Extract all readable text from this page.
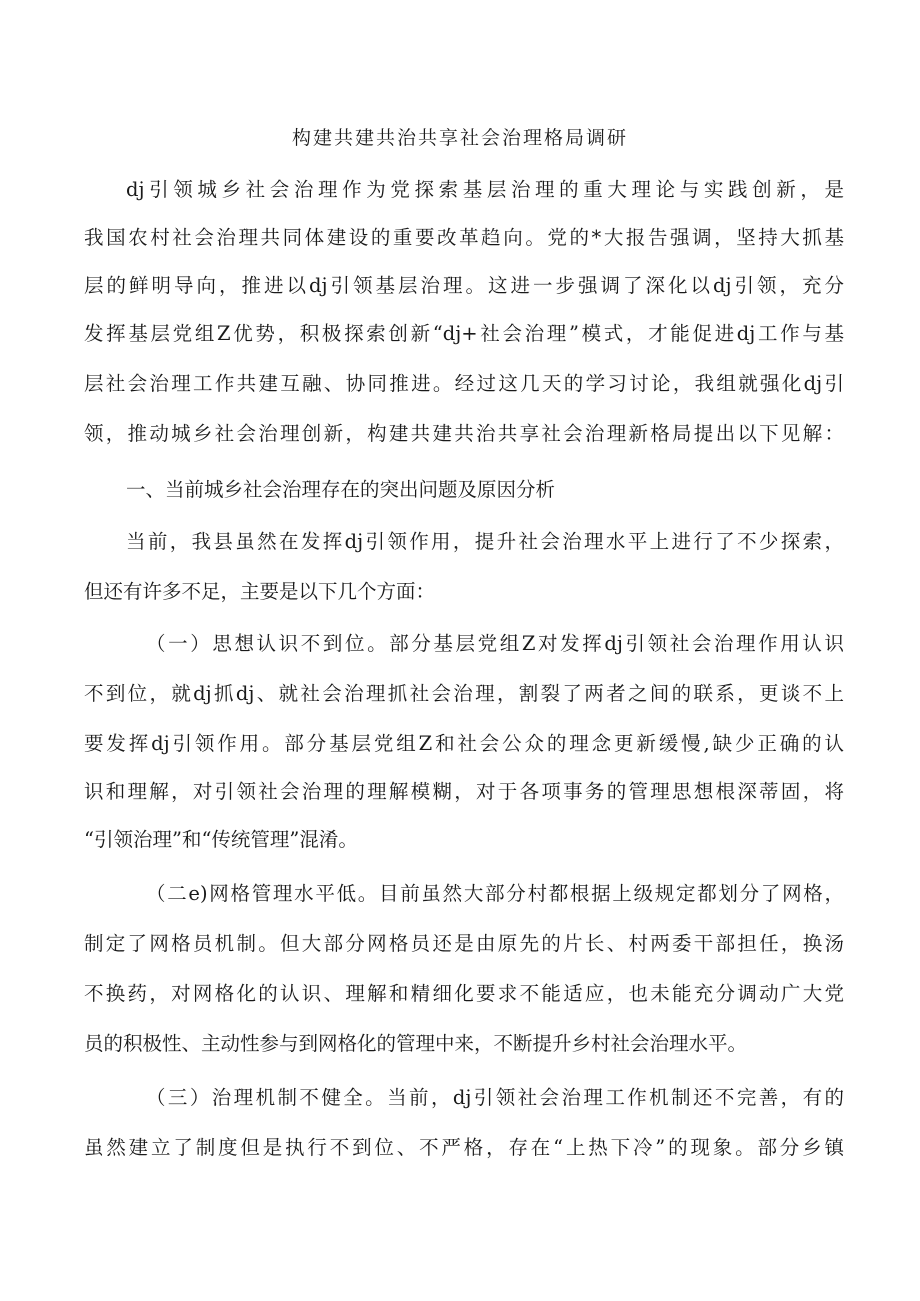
构建共建共治共享社会治理格局调研
dj引领城乡社会治理作为党探索基层治理的重大理论与实践创新，是
我国农村社会治理共同体建设的重要改革趋向。党的*大报告强调，坚持大抓基
层的鲜明导向，推进以dj引领基层治理。这进一步强调了深化以dj引领，充分
发挥基层党组Z优势，积极探索创新“dj+社会治理”模式，才能促进dj工作与基
层社会治理工作共建互融、协同推进。经过这几天的学习讨论，我组就强化dj引
领，推动城乡社会治理创新，构建共建共治共享社会治理新格局提出以下见解：
一、当前城乡社会治理存在的突出问题及原因分析
当前，我县虽然在发挥dj引领作用，提升社会治理水平上进行了不少探索，
但还有许多不足，主要是以下几个方面：
（一）思想认识不到位。部分基层党组Z对发挥dj引领社会治理作用认识
不到位，就dj抓dj、就社会治理抓社会治理，割裂了两者之间的联系，更谈不上
要发挥dj引领作用。部分基层党组Z和社会公众的理念更新缓慢,缺少正确的认
识和理解，对引领社会治理的理解模糊，对于各项事务的管理思想根深蒂固，将
“引领治理”和“传统管理”混淆。
（二e)网格管理水平低。目前虽然大部分村都根据上级规定都划分了网格，
制定了网格员机制。但大部分网格员还是由原先的片长、村两委干部担任，换汤
不换药，对网格化的认识、理解和精细化要求不能适应，也未能充分调动广大党
员的积极性、主动性参与到网格化的管理中来，不断提升乡村社会治理水平。
（三）治理机制不健全。当前，dj引领社会治理工作机制还不完善，有的
虽然建立了制度但是执行不到位、不严格，存在“上热下冷”的现象。部分乡镇
